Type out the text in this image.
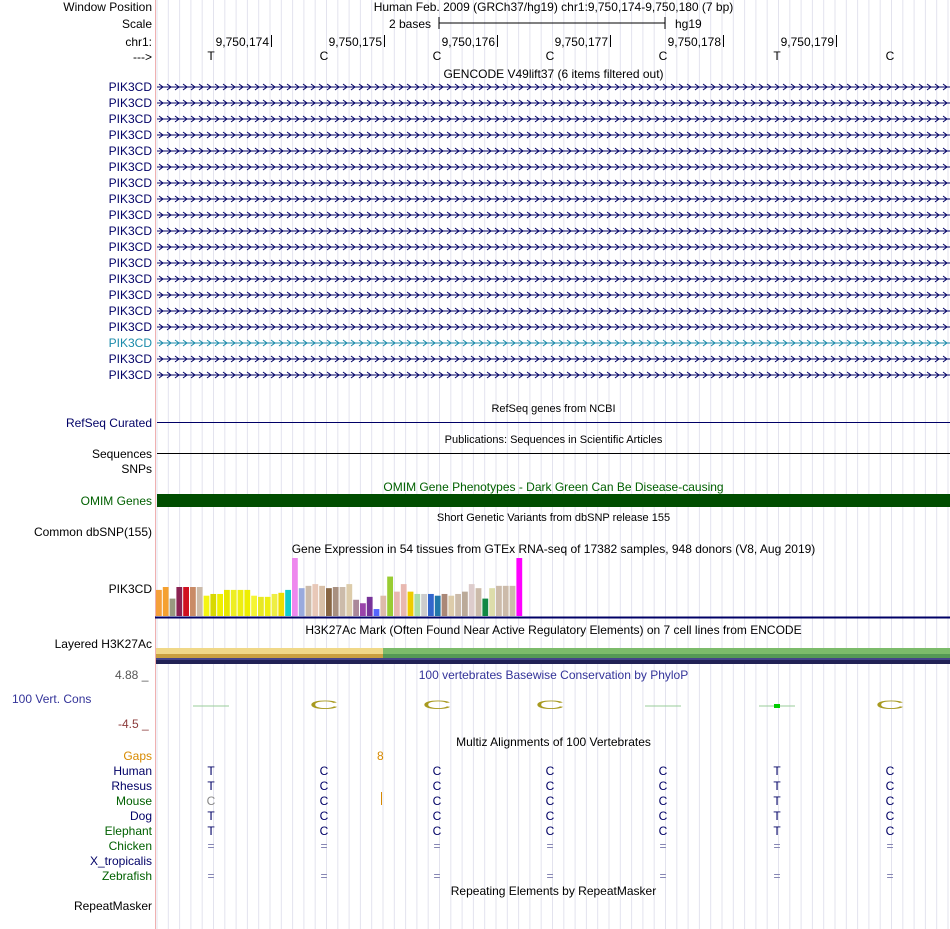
Window Position	Human Feb. 2009 (GRCh37/hg19) chr1:9,750,174-9,750,180 (7 bp)
Scale	2 bases	hg19
chr1:
--->
9,750,174	9,750,175	9,750,176	9,750,177	9,750,178	9,750,179
T	C	C	C	C	T	C
GENCODE V49lift37 (6 items filtered out)
PIK3CD
PIK3CD
PIK3CD
PIK3CD
PIK3CD
PIK3CD
PIK3CD
PIK3CD
PIK3CD
PIK3CD
PIK3CD
PIK3CD
PIK3CD
PIK3CD
PIK3CD
PIK3CD
PIK3CD
PIK3CD
PIK3CD
RefSeq genes from NCBI
RefSeq Curated
Publications: Sequences in Scientific Articles
Sequences
SNPs
OMIM Gene Phenotypes - Dark Green Can Be Disease-causing
OMIM Genes
Short Genetic Variants from dbSNP release 155
Common dbSNP(155)
Gene Expression in 54 tissues from GTEx RNA-seq of 17382 samples, 948 donors (V8, Aug 2019)
PIK3CD
H3K27Ac Mark (Often Found Near Active Regulatory Elements) on 7 cell lines from ENCODE
Layered H3K27Ac
4.88 _	100 vertebrates Basewise Conservation by PhyloP
100 Vert. Cons
-4.5 _
C	C	C	C
Multiz Alignments of 100 Vertebrates
Gaps	8
Human	T	C	C	C	C	T	C
Rhesus	T	C	C	C	C	T	C
Mouse	C	C	C	C	C	T	C
Dog	T	C	C	C	C	T	C
Elephant	T	C	C	C	C	T	C
Chicken	=	=	=	=	=	=	=
X_tropicalis
Zebrafish	=	=	=	=	=	=	=
Repeating Elements by RepeatMasker
RepeatMasker
